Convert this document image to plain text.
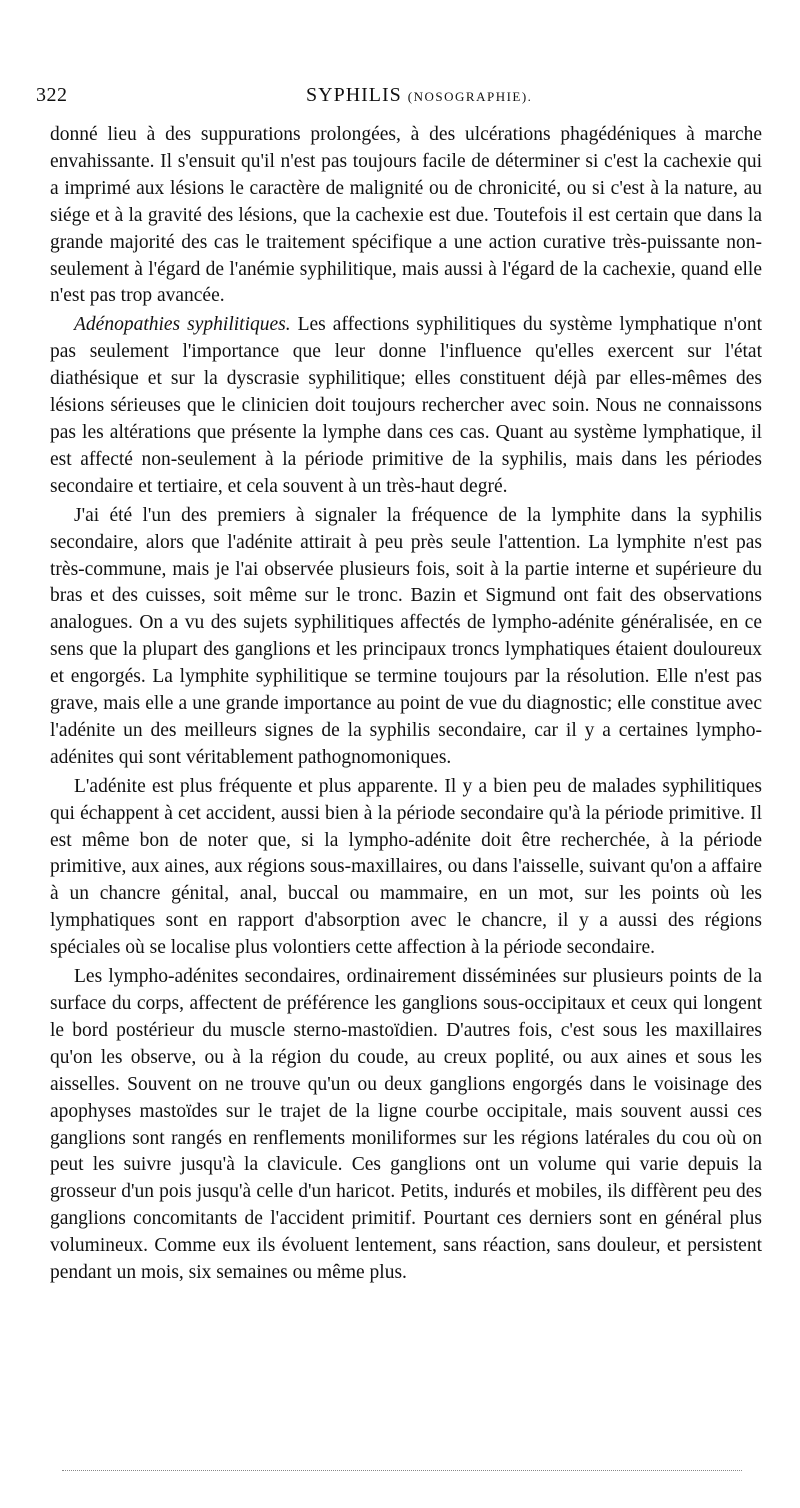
322	SYPHILIS (NOSOGRAPHIE).

donné lieu à des suppurations prolongées, à des ulcérations phagédéniques à marche envahissante. Il s'ensuit qu'il n'est pas toujours facile de déterminer si c'est la cachexie qui a imprimé aux lésions le caractère de malignité ou de chronicité, ou si c'est à la nature, au siége et à la gravité des lésions, que la cachexie est due. Toutefois il est certain que dans la grande majorité des cas le traitement spécifique a une action curative très-puissante non-seulement à l'égard de l'anémie syphilitique, mais aussi à l'égard de la cachexie, quand elle n'est pas trop avancée.

Adénopathies syphilitiques. Les affections syphilitiques du système lymphatique n'ont pas seulement l'importance que leur donne l'influence qu'elles exercent sur l'état diathésique et sur la dyscrasie syphilitique; elles constituent déjà par elles-mêmes des lésions sérieuses que le clinicien doit toujours rechercher avec soin. Nous ne connaissons pas les altérations que présente la lymphe dans ces cas. Quant au système lymphatique, il est affecté non-seulement à la période primitive de la syphilis, mais dans les périodes secondaire et tertiaire, et cela souvent à un très-haut degré.

J'ai été l'un des premiers à signaler la fréquence de la lymphite dans la syphilis secondaire, alors que l'adénite attirait à peu près seule l'attention. La lymphite n'est pas très-commune, mais je l'ai observée plusieurs fois, soit à la partie interne et supérieure du bras et des cuisses, soit même sur le tronc. Bazin et Sigmund ont fait des observations analogues. On a vu des sujets syphilitiques affectés de lympho-adénite généralisée, en ce sens que la plupart des ganglions et les principaux troncs lymphatiques étaient douloureux et engorgés. La lymphite syphilitique se termine toujours par la résolution. Elle n'est pas grave, mais elle a une grande importance au point de vue du diagnostic; elle constitue avec l'adénite un des meilleurs signes de la syphilis secondaire, car il y a certaines lympho-adénites qui sont véritablement pathognomoniques.

L'adénite est plus fréquente et plus apparente. Il y a bien peu de malades syphilitiques qui échappent à cet accident, aussi bien à la période secondaire qu'à la période primitive. Il est même bon de noter que, si la lympho-adénite doit être recherchée, à la période primitive, aux aines, aux régions sous-maxillaires, ou dans l'aisselle, suivant qu'on a affaire à un chancre génital, anal, buccal ou mammaire, en un mot, sur les points où les lymphatiques sont en rapport d'absorption avec le chancre, il y a aussi des régions spéciales où se localise plus volontiers cette affection à la période secondaire.

Les lympho-adénites secondaires, ordinairement disséminées sur plusieurs points de la surface du corps, affectent de préférence les ganglions sous-occipitaux et ceux qui longent le bord postérieur du muscle sterno-mastoïdien. D'autres fois, c'est sous les maxillaires qu'on les observe, ou à la région du coude, au creux poplité, ou aux aines et sous les aisselles. Souvent on ne trouve qu'un ou deux ganglions engorgés dans le voisinage des apophyses mastoïdes sur le trajet de la ligne courbe occipitale, mais souvent aussi ces ganglions sont rangés en renflements moniliformes sur les régions latérales du cou où on peut les suivre jusqu'à la clavicule. Ces ganglions ont un volume qui varie depuis la grosseur d'un pois jusqu'à celle d'un haricot. Petits, indurés et mobiles, ils diffèrent peu des ganglions concomitants de l'accident primitif. Pourtant ces derniers sont en général plus volumineux. Comme eux ils évoluent lentement, sans réaction, sans douleur, et persistent pendant un mois, six semaines ou même plus.
